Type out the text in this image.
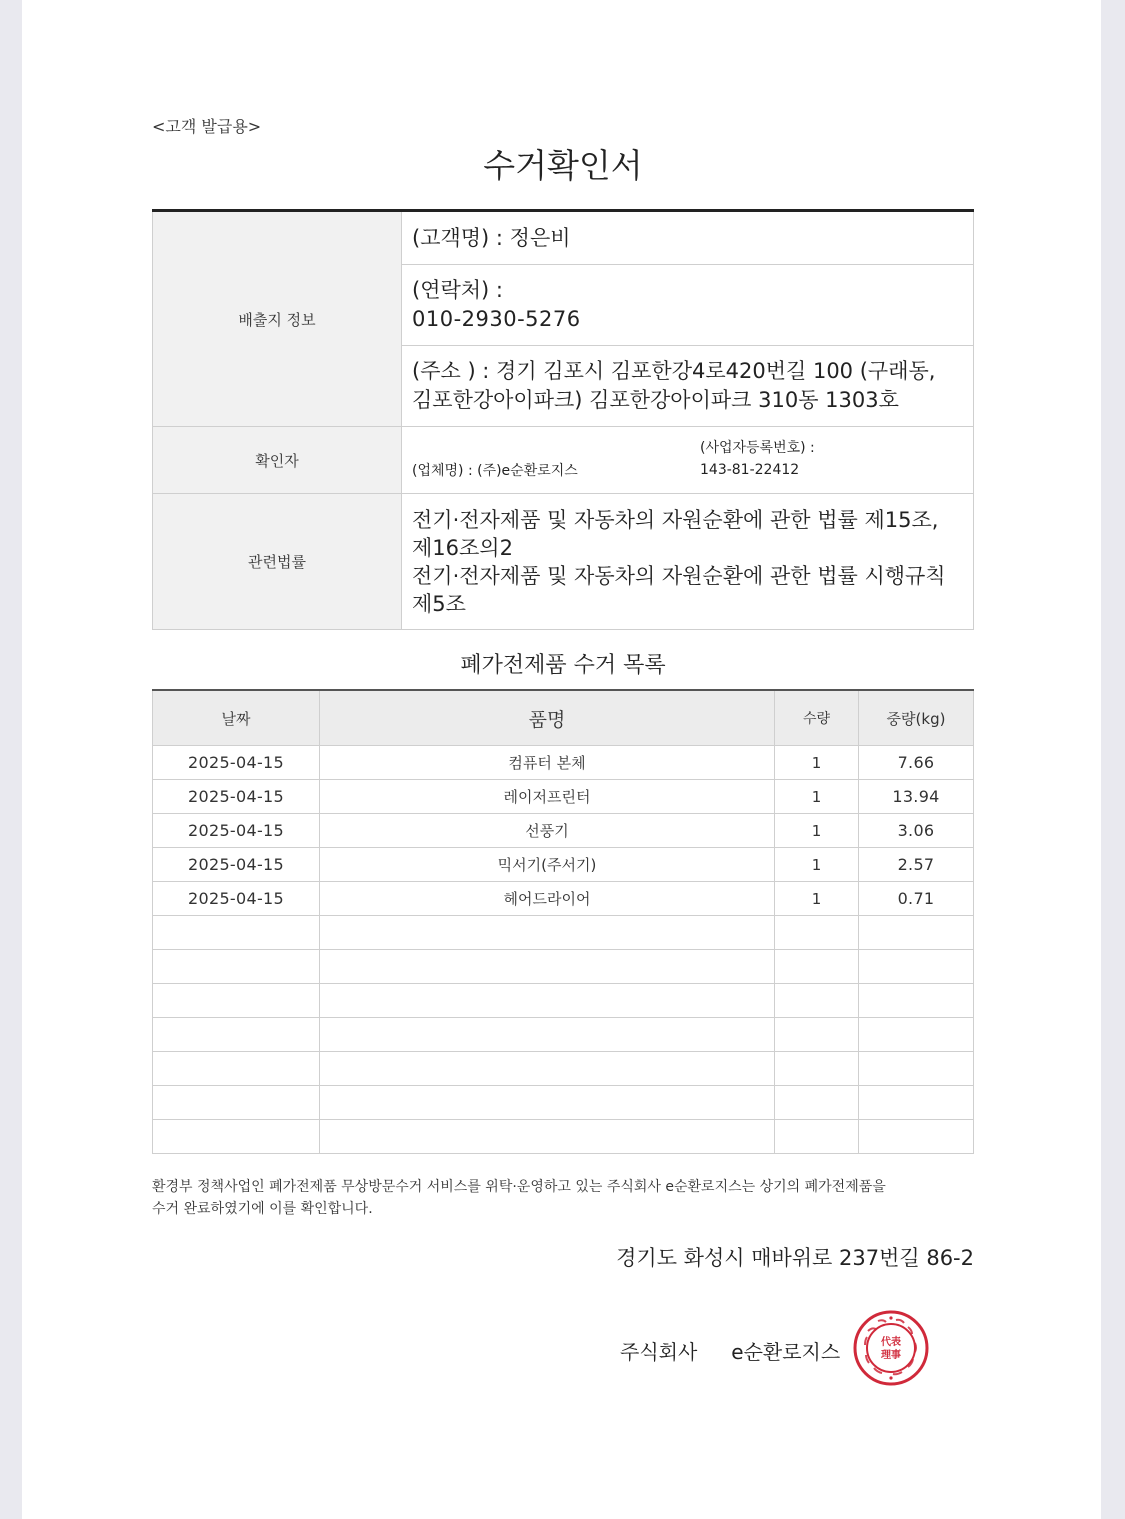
<고객 발급용>
수거확인서
배출지 정보	(고객명) : 정은비

	(연락처) :
010-2930-5276

	(주소 ) : 경기 김포시 김포한강4로420번길 100 (구래동,
김포한강아이파크) 김포한강아이파크 310동 1303호

확인자	(업체명) : (주)e순환로지스
(사업자등록번호) :
143-81-22412

관련법률	전기·전자제품 및 자동차의 자원순환에 관한 법률 제15조,
제16조의2
전기·전자제품 및 자동차의 자원순환에 관한 법률 시행규칙
제5조
폐가전제품 수거 목록
날짜	품명	수량	중량(kg)
2025-04-15	컴퓨터 본체	1	7.66
2025-04-15	레이저프린터	1	13.94
2025-04-15	선풍기	1	3.06
2025-04-15	믹서기(주서기)	1	2.57
2025-04-15	헤어드라이어	1	0.71

환경부 정책사업인 폐가전제품 무상방문수거 서비스를 위탁·운영하고 있는 주식회사 e순환로지스는 상기의 폐가전제품을
수거 완료하였기에 이를 확인합니다.
경기도 화성시 매바위로 237번길 86-2
주식회사 e순환로지스	代表
理事
